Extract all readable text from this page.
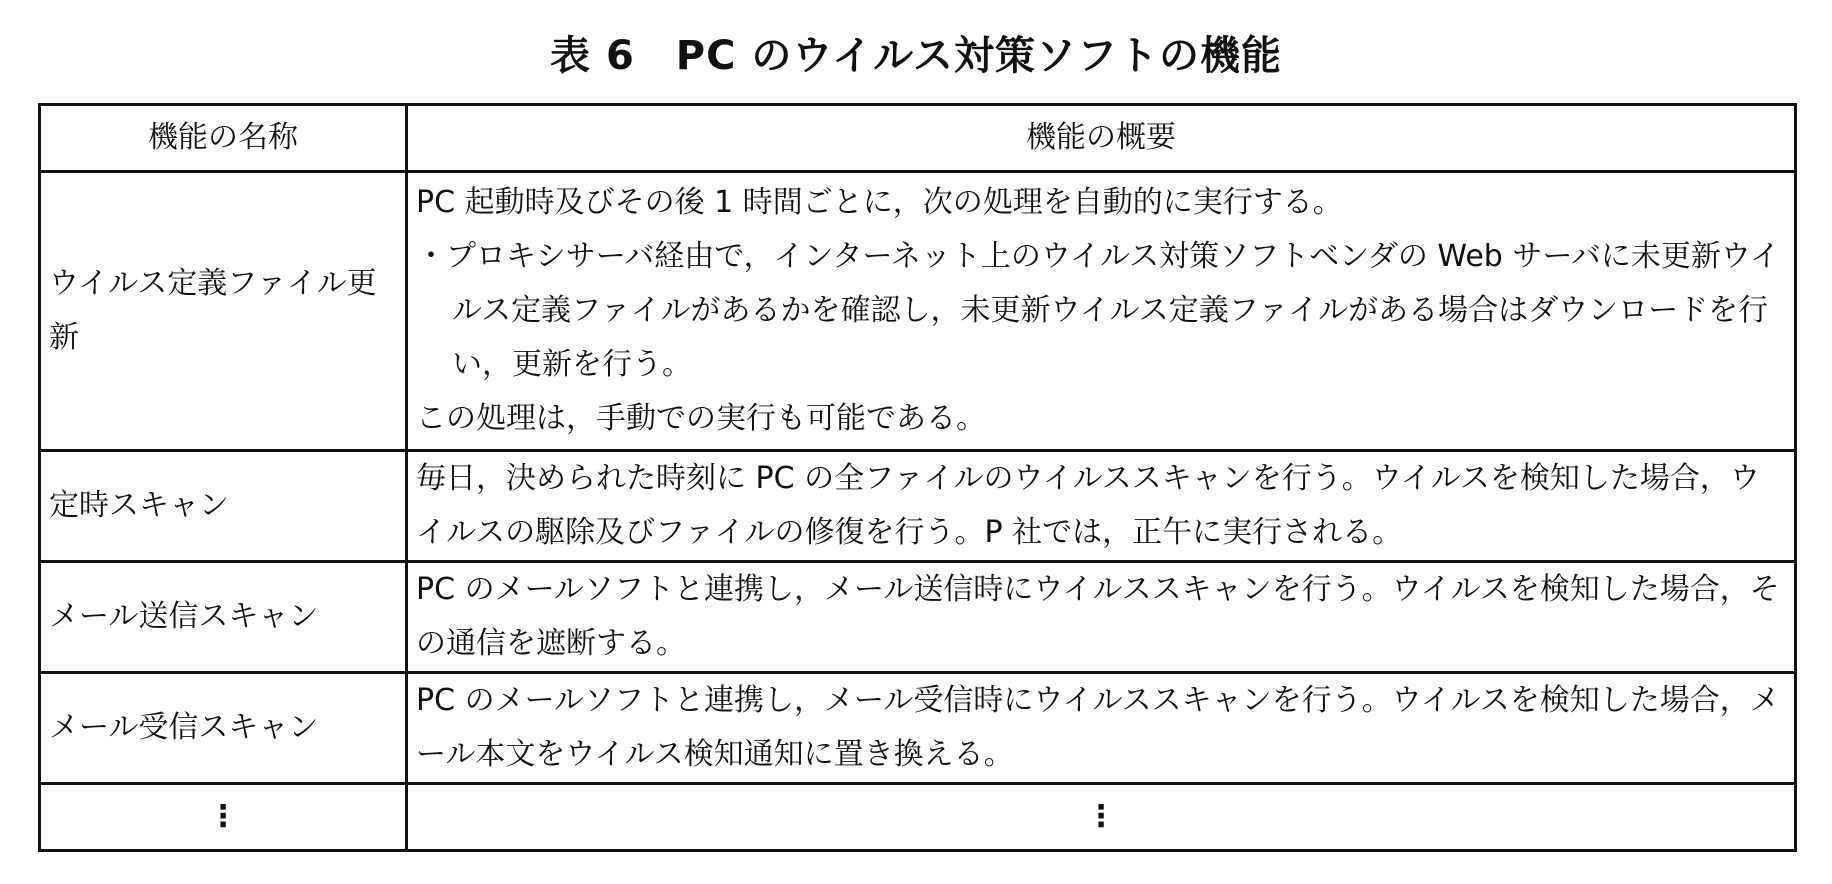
表 6　PC のウイルス対策ソフトの機能
機能の名称	機能の概要
ウイルス定義ファイル更新	PC 起動時及びその後 1 時間ごとに，次の処理を自動的に実行する。
・プロキシサーバ経由で，インターネット上のウイルス対策ソフトベンダの Web サーバに未更新ウイルス定義ファイルがあるかを確認し，未更新ウイルス定義ファイルがある場合はダウンロードを行い，更新を行う。
この処理は，手動での実行も可能である。

定時スキャン	毎日，決められた時刻に PC の全ファイルのウイルススキャンを行う。ウイルスを検知した場合，ウイルスの駆除及びファイルの修復を行う。P 社では，正午に実行される。

メール送信スキャン	PC のメールソフトと連携し，メール送信時にウイルススキャンを行う。ウイルスを検知した場合，その通信を遮断する。

メール受信スキャン	PC のメールソフトと連携し，メール受信時にウイルススキャンを行う。ウイルスを検知した場合，メール本文をウイルス検知通知に置き換える。

⋮	⋮
